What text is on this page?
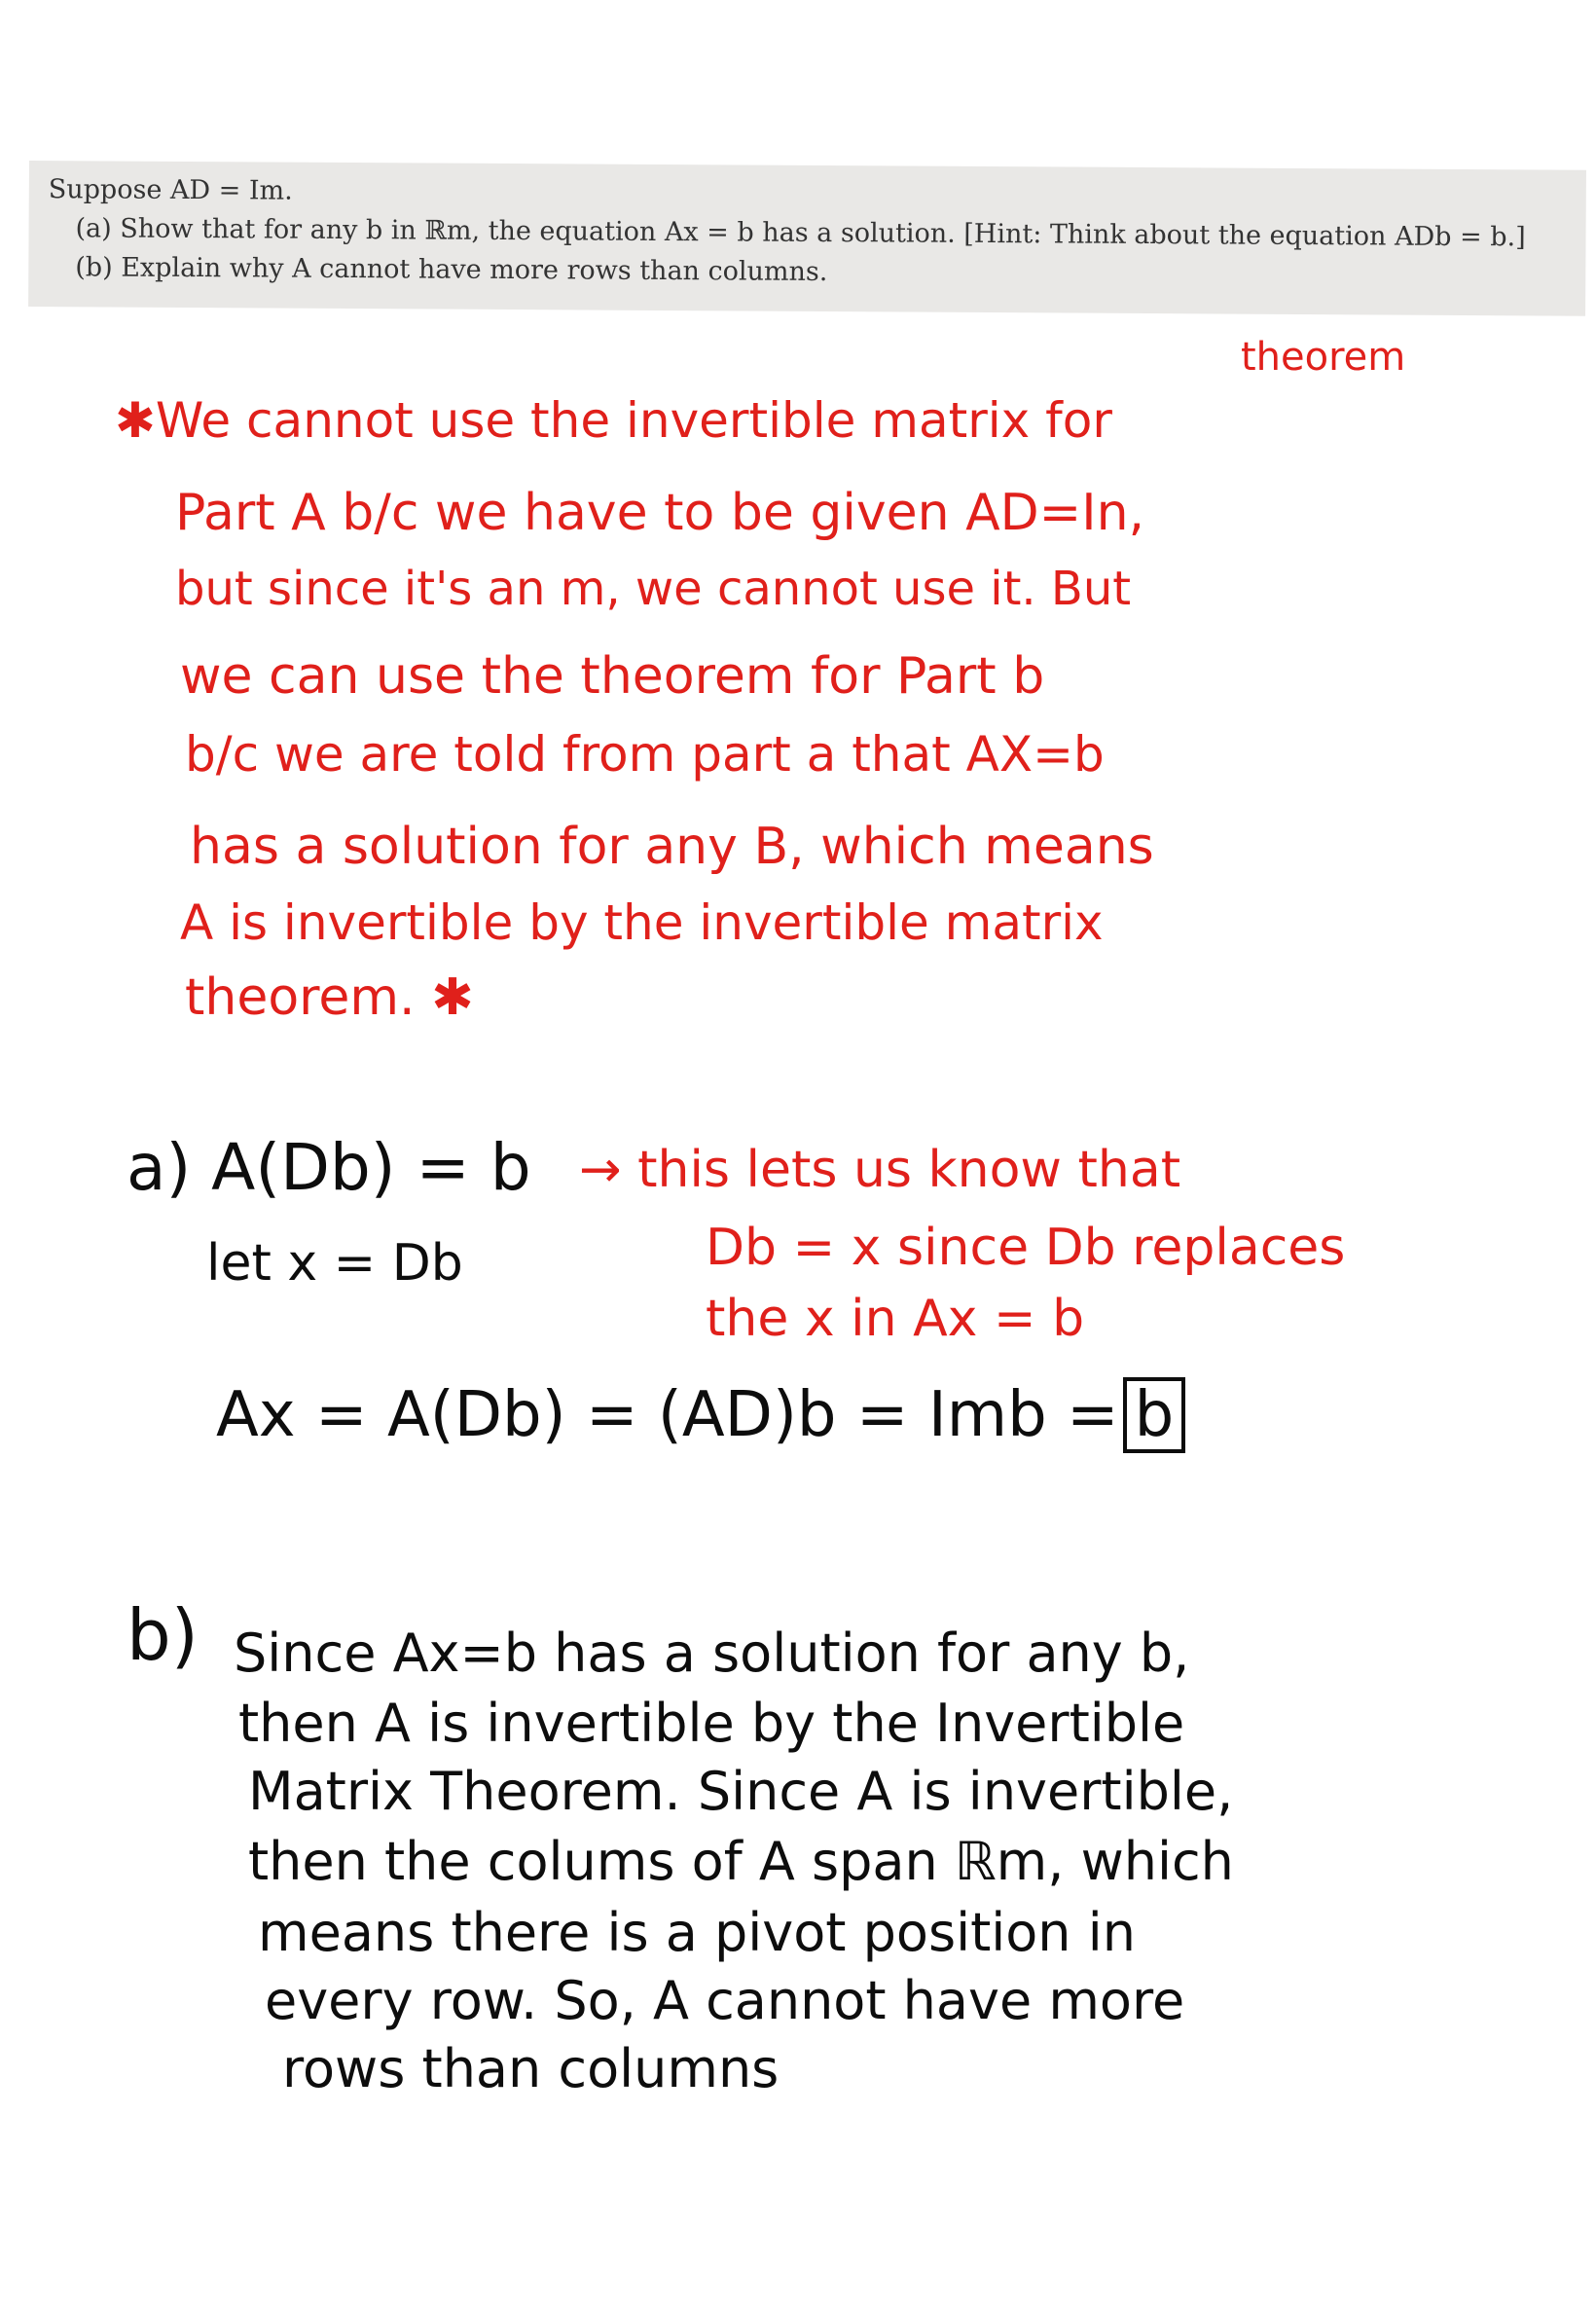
Suppose AD = Im.
(a) Show that for any b in ℝm, the equation Ax = b has a solution. [Hint: Think about the equation ADb = b.]
(b) Explain why A cannot have more rows than columns.
theorem
✱We cannot use the invertible matrix for
Part A b/c we have to be given AD=In,
but since it's an m, we cannot use it. But
we can use the theorem for Part b
b/c we are told from part a that AX=b
has a solution for any B, which means
A is invertible by the invertible matrix
theorem. ✱
a) A(Db) = b → this lets us know that
Db = x since Db replaces
the x in Ax = b
let x = Db
Ax = A(Db) = (AD)b = Imb = b
b) Since Ax=b has a solution for any b,
then A is invertible by the Invertible
Matrix Theorem. Since A is invertible,
then the colums of A span ℝm, which
means there is a pivot position in
every row. So, A cannot have more
rows than columns
